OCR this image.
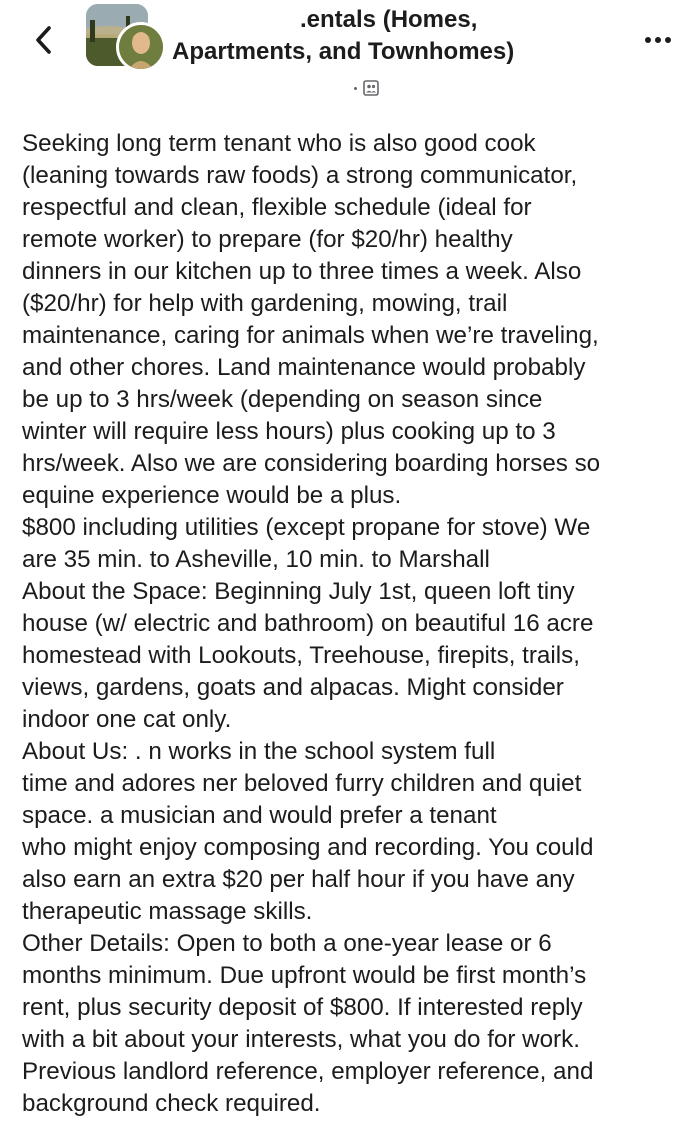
.entals (Homes,
Apartments, and Townhomes)

Seeking long term tenant who is also good cook

(leaning towards raw foods) a strong communicator,

respectful and clean, flexible schedule (ideal for

remote worker) to prepare (for $20/hr) healthy

dinners in our kitchen up to three times a week. Also

($20/hr) for help with gardening, mowing, trail

maintenance, caring for animals when we’re traveling,

and other chores. Land maintenance would probably

be up to 3 hrs/week (depending on season since

winter will require less hours) plus cooking up to 3

hrs/week. Also we are considering boarding horses so

equine experience would be a plus.

$800 including utilities (except propane for stove) We

are 35 min. to Asheville, 10 min. to Marshall

About the Space: Beginning July 1st, queen loft tiny

house (w/ electric and bathroom) on beautiful 16 acre

homestead with Lookouts, Treehouse, firepits, trails,

views, gardens, goats and alpacas. Might consider

indoor one cat only.

About Us: . n works in the school system full

time and adores ner beloved furry children and quiet

space. a musician and would prefer a tenant

who might enjoy composing and recording. You could

also earn an extra $20 per half hour if you have any

therapeutic massage skills.

Other Details: Open to both a one-year lease or 6

months minimum. Due upfront would be first month’s

rent, plus security deposit of $800. If interested reply

with a bit about your interests, what you do for work.

Previous landlord reference, employer reference, and

background check required.
